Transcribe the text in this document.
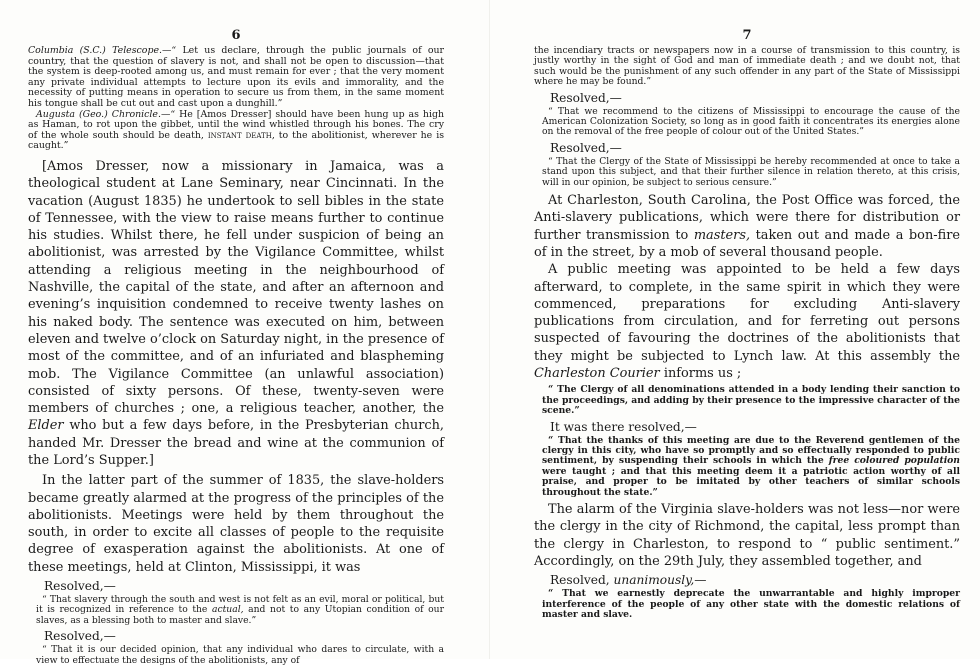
6

Columbia (S.C.) Telescope.—“ Let us declare, through the public journals of our country, that the question of slavery is not, and shall not be open to discussion—that the system is deep-rooted among us, and must remain for ever ; that the very moment any private individual attempts to lecture upon its evils and immorality, and the necessity of putting means in operation to secure us from them, in the same moment his tongue shall be cut out and cast upon a dunghill.”

Augusta (Geo.) Chronicle.—“ He [Amos Dresser] should have been hung up as high as Haman, to rot upon the gibbet, until the wind whistled through his bones. The cry of the whole south should be death, instant death, to the abolitionist, wherever he is caught.”

[Amos Dresser, now a missionary in Jamaica, was a theological student at Lane Seminary, near Cincinnati. In the vacation (August 1835) he undertook to sell bibles in the state of Tennessee, with the view to raise means further to continue his studies. Whilst there, he fell under suspicion of being an abolitionist, was arrested by the Vigilance Committee, whilst attending a religious meeting in the neighbourhood of Nashville, the capital of the state, and after an afternoon and evening’s inquisition condemned to receive twenty lashes on his naked body. The sentence was executed on him, between eleven and twelve o’clock on Saturday night, in the presence of most of the committee, and of an infuriated and blaspheming mob. The Vigilance Committee (an unlawful association) consisted of sixty persons. Of these, twenty-seven were members of churches ; one, a religious teacher, another, the Elder who but a few days before, in the Presbyterian church, handed Mr. Dresser the bread and wine at the communion of the Lord’s Supper.]

In the latter part of the summer of 1835, the slave-holders became greatly alarmed at the progress of the principles of the abolitionists. Meetings were held by them throughout the south, in order to excite all classes of people to the requisite degree of exasperation against the abolitionists. At one of these meetings, held at Clinton, Mississippi, it was

Resolved,—

“ That slavery through the south and west is not felt as an evil, moral or political, but it is recognized in reference to the actual, and not to any Utopian condition of our slaves, as a blessing both to master and slave.”

Resolved,—

“ That it is our decided opinion, that any individual who dares to circulate, with a view to effectuate the designs of the abolitionists, any of

7

the incendiary tracts or newspapers now in a course of transmission to this country, is justly worthy in the sight of God and man of immediate death ; and we doubt not, that such would be the punishment of any such offender in any part of the State of Mississippi where he may be found.”

Resolved,—

“ That we recommend to the citizens of Mississippi to encourage the cause of the American Colonization Society, so long as in good faith it concentrates its energies alone on the removal of the free people of colour out of the United States.”

Resolved,—

“ That the Clergy of the State of Mississippi be hereby recommended at once to take a stand upon this subject, and that their further silence in relation thereto, at this crisis, will in our opinion, be subject to serious censure.”

At Charleston, South Carolina, the Post Office was forced, the Anti-slavery publications, which were there for distribution or further transmission to masters, taken out and made a bon-fire of in the street, by a mob of several thousand people.

A public meeting was appointed to be held a few days afterward, to complete, in the same spirit in which they were commenced, preparations for excluding Anti-slavery publications from circulation, and for ferreting out persons suspected of favouring the doctrines of the abolitionists that they might be subjected to Lynch law. At this assembly the Charleston Courier informs us ;

“ The Clergy of all denominations attended in a body lending their sanction to the proceedings, and adding by their presence to the impressive character of the scene.”

It was there resolved,—

“ That the thanks of this meeting are due to the Reverend gentlemen of the clergy in this city, who have so promptly and so effectually responded to public sentiment, by suspending their schools in which the free coloured population were taught ; and that this meeting deem it a patriotic action worthy of all praise, and proper to be imitated by other teachers of similar schools throughout the state.”

The alarm of the Virginia slave-holders was not less—nor were the clergy in the city of Richmond, the capital, less prompt than the clergy in Charleston, to respond to “ public sentiment.” Accordingly, on the 29th July, they assembled together, and

Resolved, unanimously,—

“ That we earnestly deprecate the unwarrantable and highly improper interference of the people of any other state with the domestic relations of master and slave.
